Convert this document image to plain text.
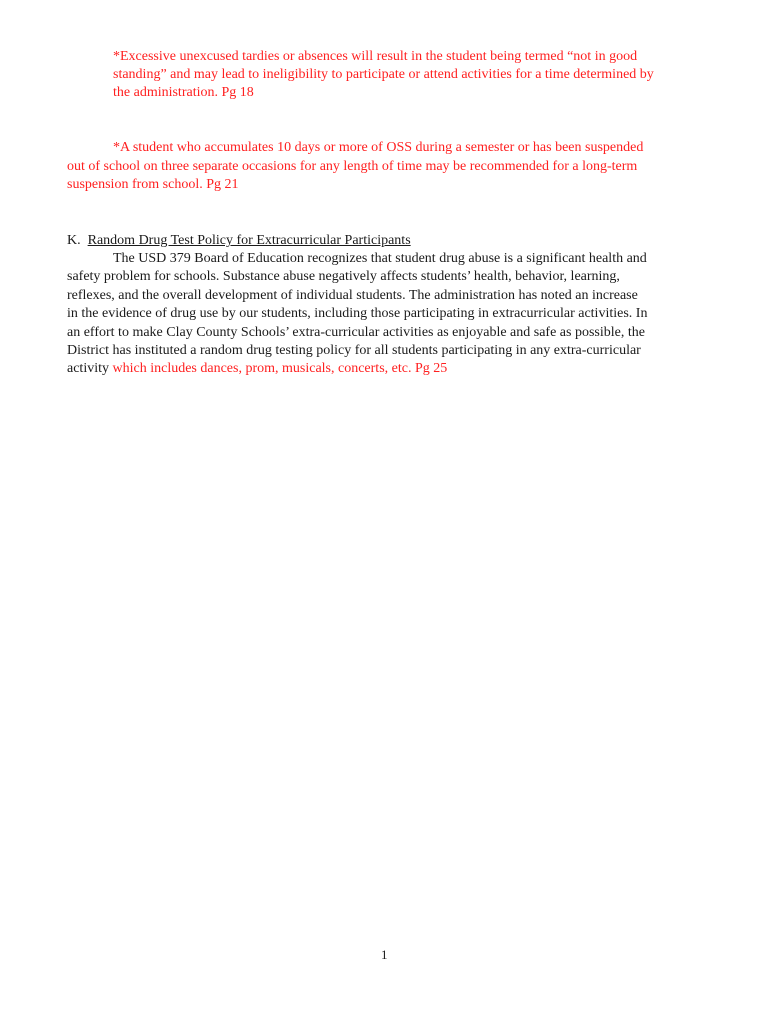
*Excessive unexcused tardies or absences will result in the student being termed “not in good
standing” and may lead to ineligibility to participate or attend activities for a time determined by
the administration. Pg 18
*A student who accumulates 10 days or more of OSS during a semester or has been suspended
out of school on three separate occasions for any length of time may be recommended for a long-term
suspension from school. Pg 21
K. Random Drug Test Policy for Extracurricular Participants
The USD 379 Board of Education recognizes that student drug abuse is a significant health and
safety problem for schools. Substance abuse negatively affects students’ health, behavior, learning,
reflexes, and the overall development of individual students. The administration has noted an increase
in the evidence of drug use by our students, including those participating in extracurricular activities. In
an effort to make Clay County Schools’ extra-curricular activities as enjoyable and safe as possible, the
District has instituted a random drug testing policy for all students participating in any extra-curricular
activity which includes dances, prom, musicals, concerts, etc. Pg 25
1
